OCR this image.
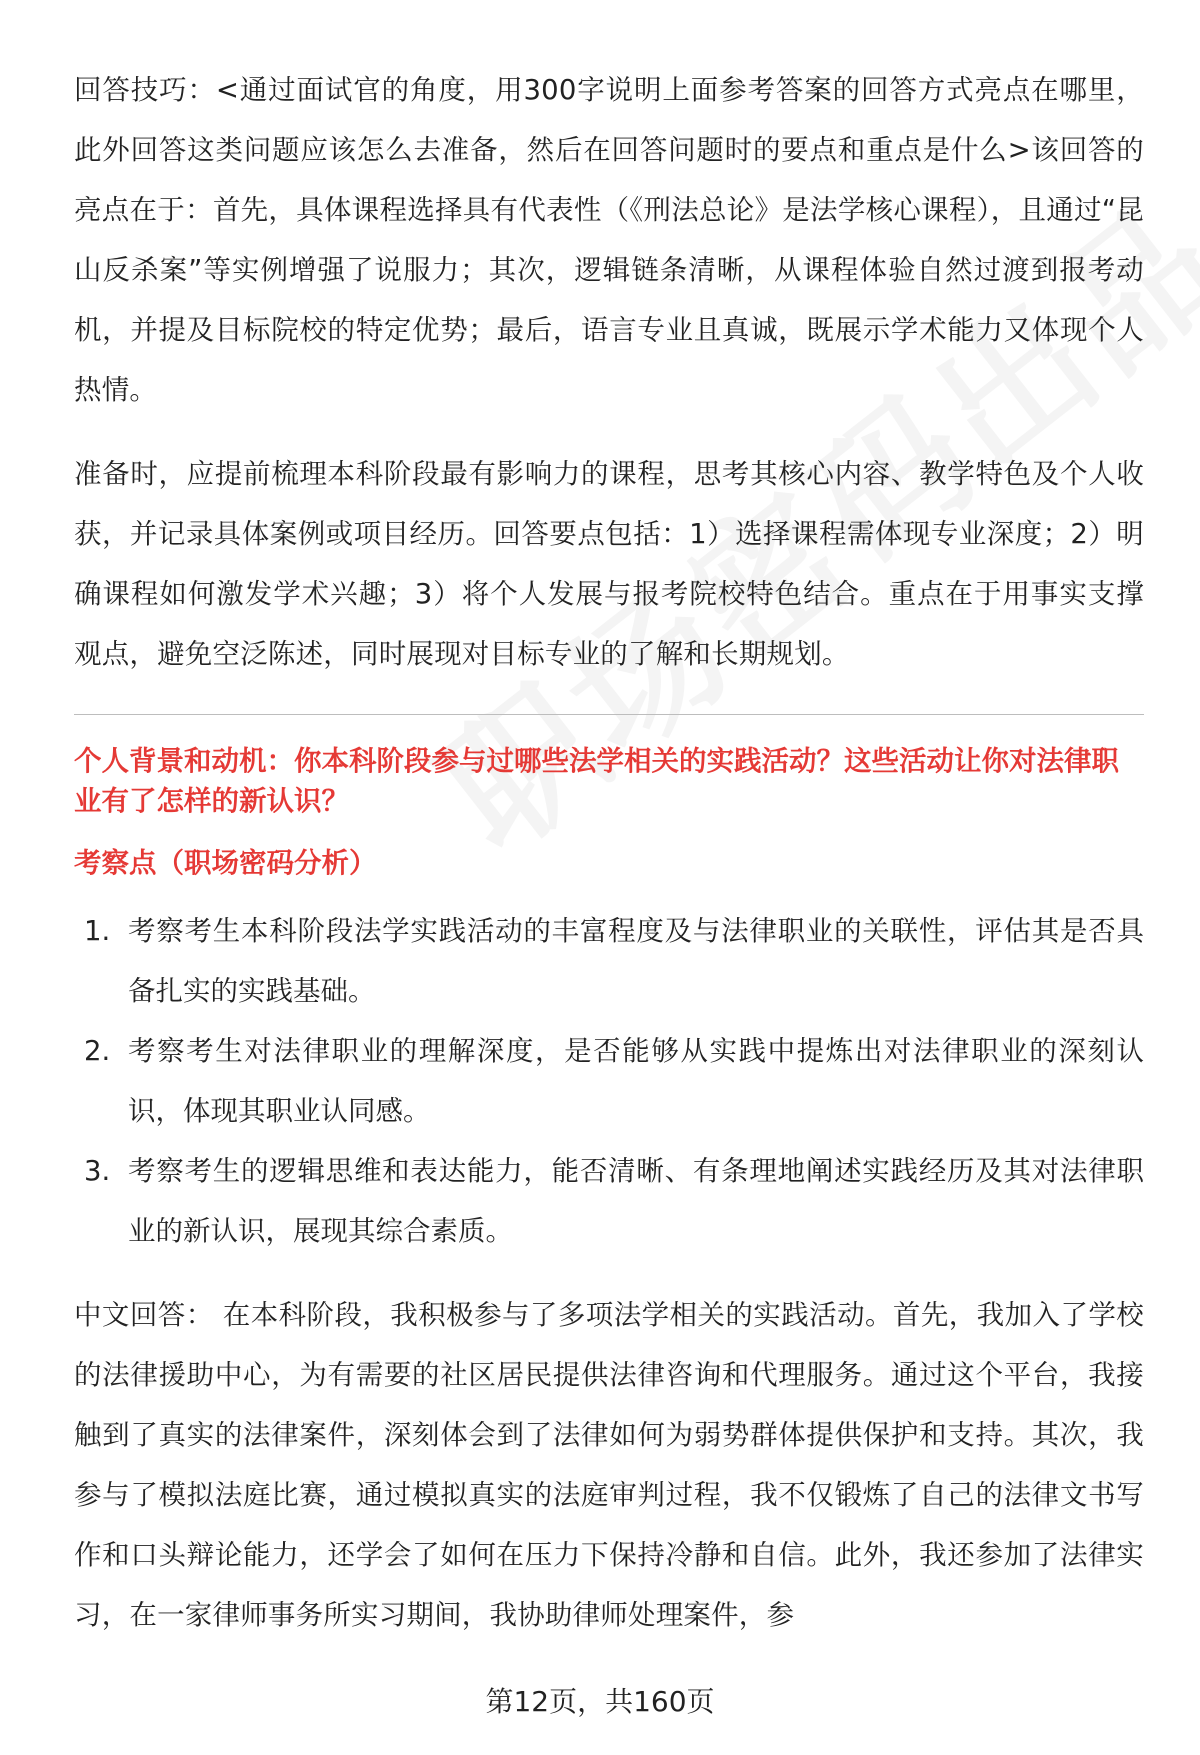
回答技巧：<通过面试官的角度，用300字说明上面参考答案的回答方式亮点在哪里，此外回答这类问题应该怎么去准备，然后在回答问题时的要点和重点是什么>该回答的亮点在于：首先，具体课程选择具有代表性（《刑法总论》是法学核心课程），且通过“昆山反杀案”等实例增强了说服力；其次，逻辑链条清晰，从课程体验自然过渡到报考动机，并提及目标院校的特定优势；最后，语言专业且真诚，既展示学术能力又体现个人热情。

准备时，应提前梳理本科阶段最有影响力的课程，思考其核心内容、教学特色及个人收获，并记录具体案例或项目经历。回答要点包括：1）选择课程需体现专业深度；2）明确课程如何激发学术兴趣；3）将个人发展与报考院校特色结合。重点在于用事实支撑观点，避免空泛陈述，同时展现对目标专业的了解和长期规划。

个人背景和动机：你本科阶段参与过哪些法学相关的实践活动？这些活动让你对法律职业有了怎样的新认识？

考察点（职场密码分析）

1. 考察考生本科阶段法学实践活动的丰富程度及与法律职业的关联性，评估其是否具备扎实的实践基础。
2. 考察考生对法律职业的理解深度，是否能够从实践中提炼出对法律职业的深刻认识，体现其职业认同感。
3. 考察考生的逻辑思维和表达能力，能否清晰、有条理地阐述实践经历及其对法律职业的新认识，展现其综合素质。

中文回答： 在本科阶段，我积极参与了多项法学相关的实践活动。首先，我加入了学校的法律援助中心，为有需要的社区居民提供法律咨询和代理服务。通过这个平台，我接触到了真实的法律案件，深刻体会到了法律如何为弱势群体提供保护和支持。其次，我参与了模拟法庭比赛，通过模拟真实的法庭审判过程，我不仅锻炼了自己的法律文书写作和口头辩论能力，还学会了如何在压力下保持冷静和自信。此外，我还参加了法律实习，在一家律师事务所实习期间，我协助律师处理案件，参

第12页，共160页
